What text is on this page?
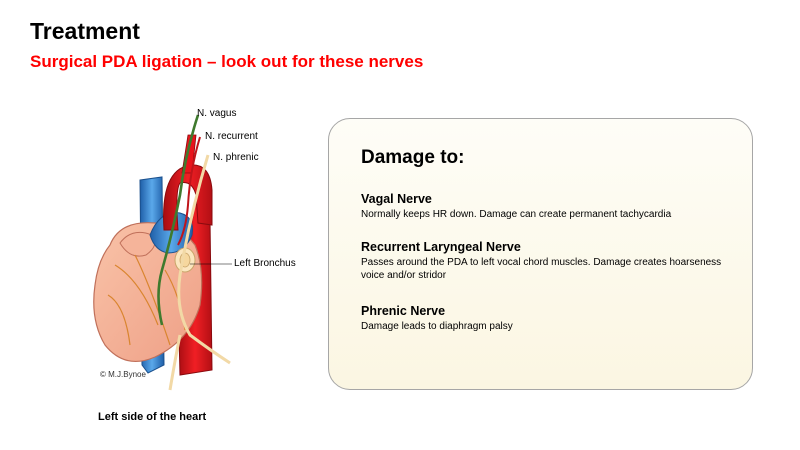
Treatment
Surgical PDA ligation – look out for these nerves
© M.J.Bynoe
N. vagus
N. recurrent
N. phrenic
Left Bronchus
Left side of the heart
Damage to:
Vagal Nerve
Normally keeps HR down. Damage can create permanent tachycardia
Recurrent Laryngeal Nerve
Passes around the PDA to left vocal chord muscles. Damage creates hoarseness voice and/or stridor
Phrenic Nerve
Damage leads to diaphragm palsy
